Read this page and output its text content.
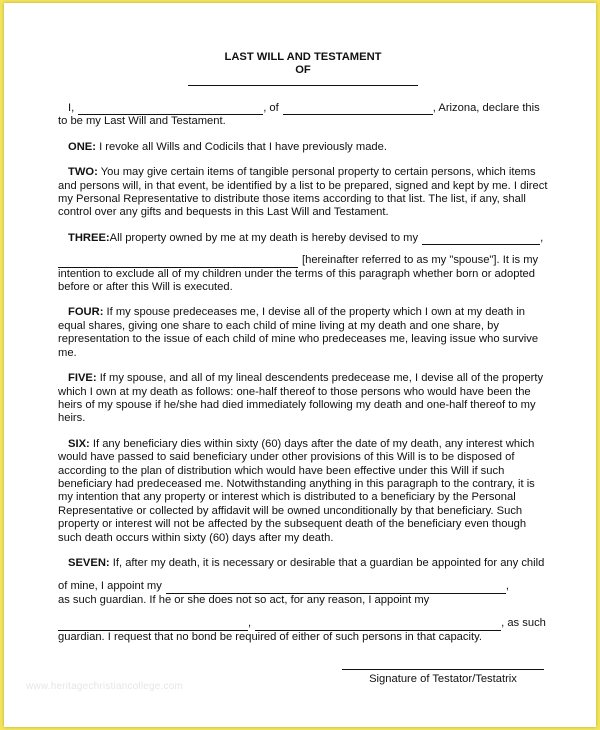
www.heritagechristiancollege.com
LAST WILL AND TESTAMENT
OF
I,	, of	, Arizona, declare this

to be my Last Will and Testament.

ONE: I revoke all Wills and Codicils that I have previously made.

TWO: You may give certain items of tangible personal property to certain persons, which items and persons will, in that event, be identified by a list to be prepared, signed and kept by me. I direct my Personal Representative to distribute those items according to that list. The list, if any, shall control over any gifts and bequests in this Last Will and Testament.

THREE: All property owned by me at my death is hereby devised to my	,
[hereinafter referred to as my "spouse"]. It is my

intention to exclude all of my children under the terms of this paragraph whether born or adopted before or after this Will is executed.

FOUR: If my spouse predeceases me, I devise all of the property which I own at my death in equal shares, giving one share to each child of mine living at my death and one share, by representation to the issue of each child of mine who predeceases me, leaving issue who survive me.

FIVE: If my spouse, and all of my lineal descendents predecease me, I devise all of the property which I own at my death as follows: one-half thereof to those persons who would have been the heirs of my spouse if he/she had died immediately following my death and one-half thereof to my heirs.

SIX: If any beneficiary dies within sixty (60) days after the date of my death, any interest which would have passed to said beneficiary under other provisions of this Will is to be disposed of according to the plan of distribution which would have been effective under this Will if such beneficiary had predeceased me. Notwithstanding anything in this paragraph to the contrary, it is my intention that any property or interest which is distributed to a beneficiary by the Personal Representative or collected by affidavit will be owned unconditionally by that beneficiary. Such property or interest will not be affected by the subsequent death of the beneficiary even though such death occurs within sixty (60) days after my death.

SEVEN: If, after my death, it is necessary or desirable that a guardian be appointed for any child

of mine, I appoint my	,

as such guardian. If he or she does not so act, for any reason, I appoint my

,	, as such

guardian. I request that no bond be required of either of such persons in that capacity.

Signature of Testator/Testatrix
